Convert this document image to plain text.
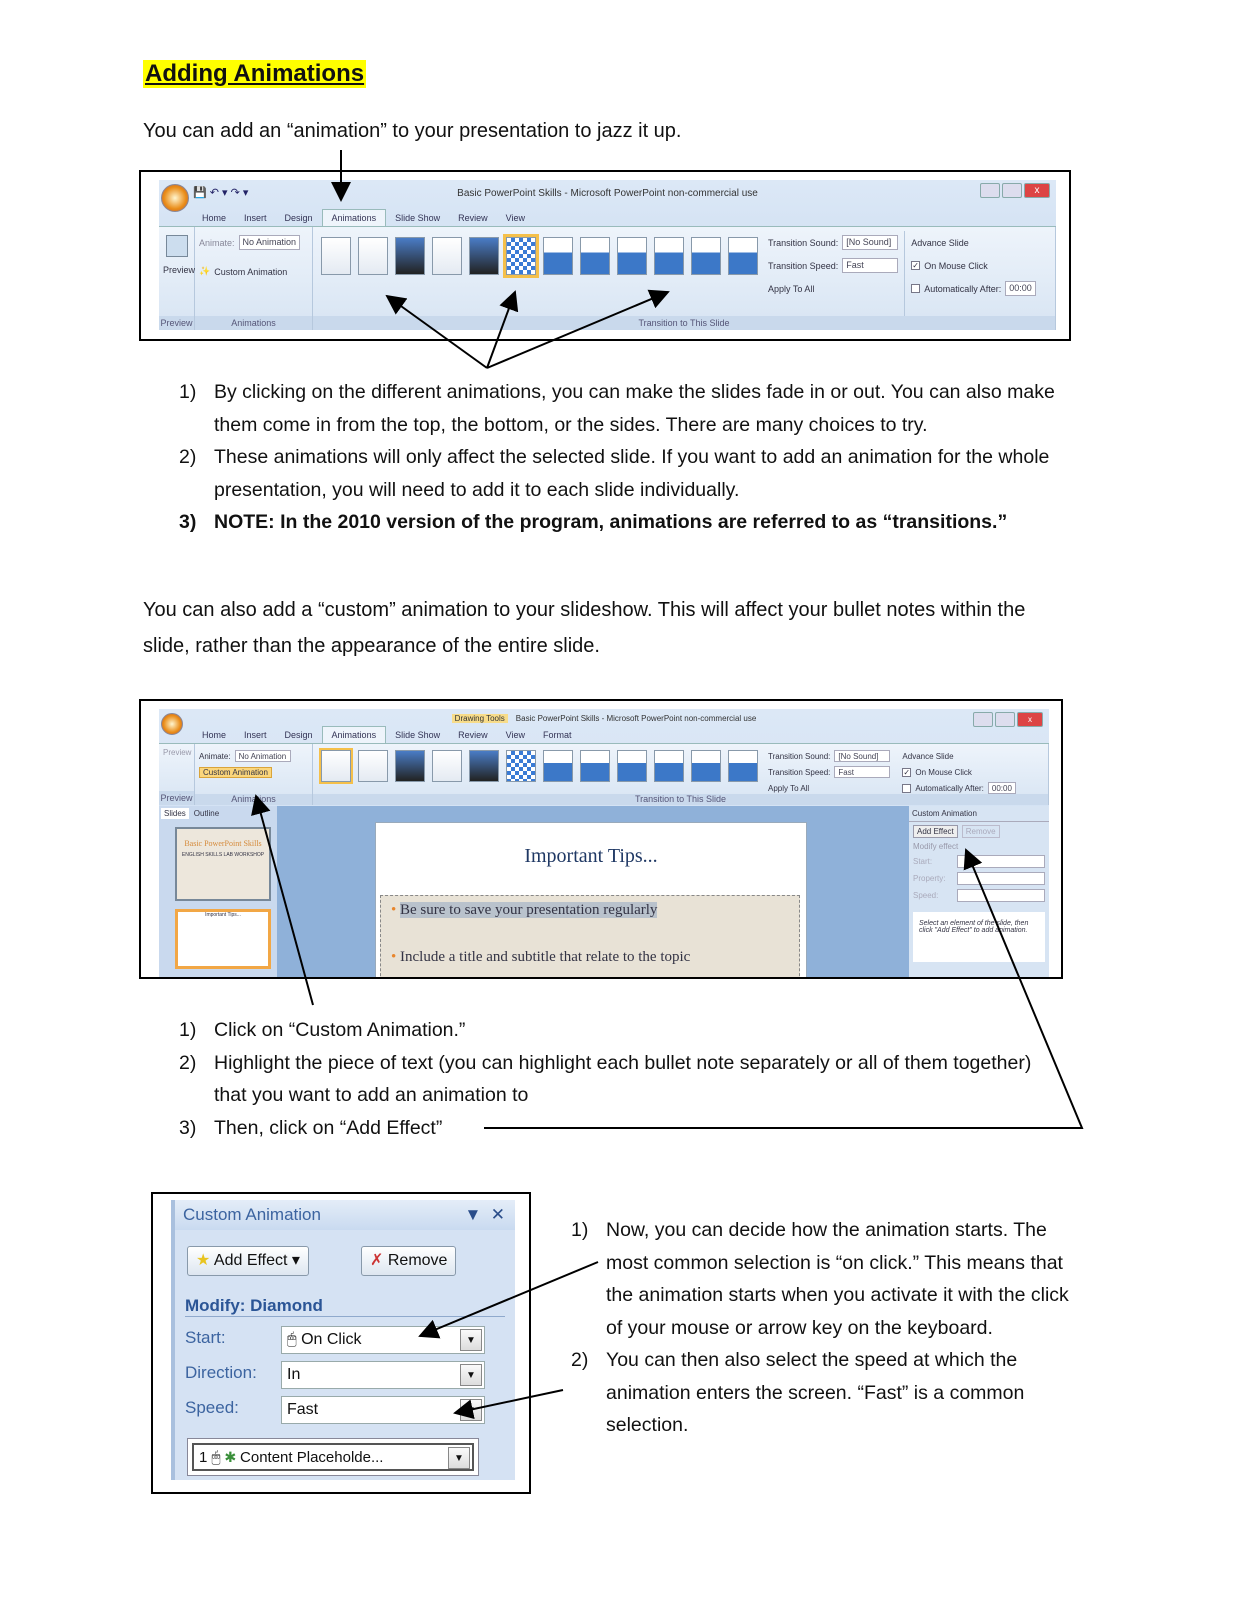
Adding Animations
You can add an “animation” to your presentation to jazz it up.
💾 ↶ ▾ ↷ ▾	Basic PowerPoint Skills - Microsoft PowerPoint non-commercial use	x
Home	Insert	Design	Animations	Slide Show	Review	View
Preview
Preview
Animate: No Animation
✨ Custom Animation
Animations
Transition Sound: [No Sound]
Transition Speed: Fast
Apply To All
Advance Slide
✓ On Mouse Click
Automatically After: 00:00
Transition to This Slide
1) By clicking on the different animations, you can make the slides fade in or out. You can also make them come in from the top, the bottom, or the sides. There are many choices to try.
2) These animations will only affect the selected slide. If you want to add an animation for the whole presentation, you will need to add it to each slide individually.
3) NOTE: In the 2010 version of the program, animations are referred to as “transitions.”
You can also add a “custom” animation to your slideshow. This will affect your bullet notes within the slide, rather than the appearance of the entire slide.
Drawing Tools	Basic PowerPoint Skills - Microsoft PowerPoint non-commercial use	x
Home	Insert	Design	Animations	Slide Show	Review	View	Format
Preview
Preview
Animate:	No Animation
Custom Animation
Animations
Transition Sound:	[No Sound]
Transition Speed:	Fast
Apply To All
Advance Slide
✓ On Mouse Click
Automatically After:	00:00
Transition to This Slide
Slides	Outline
Basic PowerPoint Skills
ENGLISH SKILLS LAB WORKSHOP
Important Tips...
Important Tips...
• Be sure to save your presentation regularly
• Include a title and subtitle that relate to the topic
Custom Animation
Add Effect	Remove
Modify effect
Start:
Property:
Speed:
Select an element of the slide, then click "Add Effect" to add animation.
1) Click on “Custom Animation.”
2) Highlight the piece of text (you can highlight each bullet note separately or all of them together) that you want to add an animation to
3) Then, click on “Add Effect”
Custom Animation	▼  ✕
★ Add Effect ▾	✗ Remove
Modify: Diamond
Start:	🖱 On Click	▼
Direction:	In	▼
Speed:	Fast	▼
1 🖱 ✱ Content Placeholde...	▼
1) Now, you can decide how the animation starts. The most common selection is “on click.” This means that the animation starts when you activate it with the click of your mouse or arrow key on the keyboard.
2) You can then also select the speed at which the animation enters the screen. “Fast” is a common selection.
